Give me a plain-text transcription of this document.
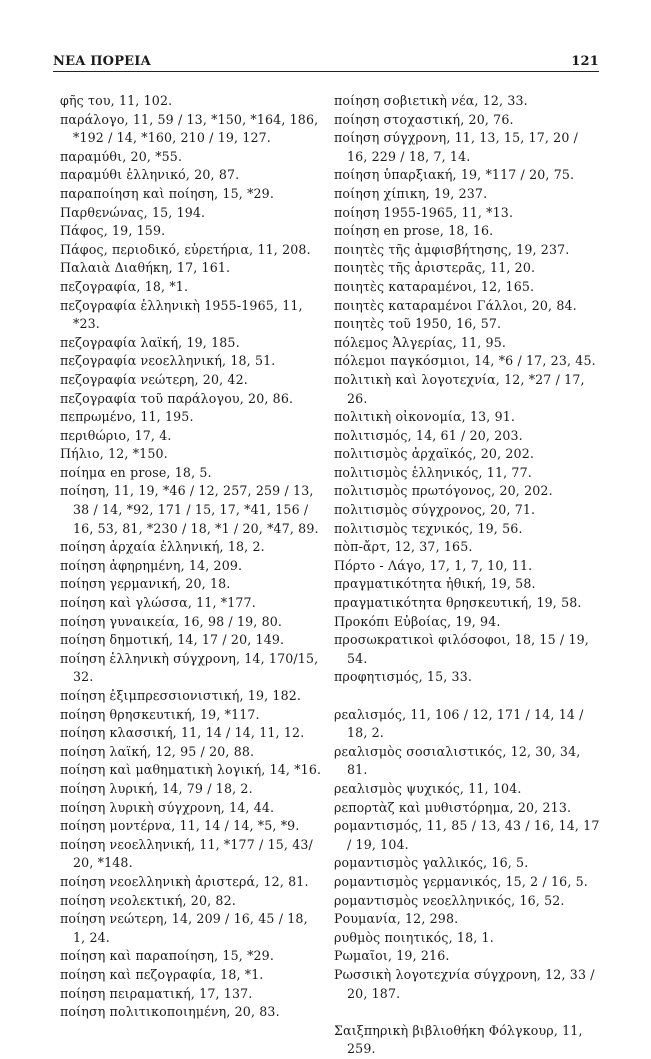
ΝΕΑ ΠΟΡΕΙΑ	121
φῆς του, 11, 102.
παράλογο, 11, 59 / 13, *150, *164, 186, *192 / 14, *160, 210 / 19, 127.
παραμύθι, 20, *55.
παραμύθι ἑλληνικό, 20, 87.
παραποίηση καὶ ποίηση, 15, *29.
Παρθενώνας, 15, 194.
Πάφος, 19, 159.
Πάφος, περιοδικό, εὑρετήρια, 11, 208.
Παλαιὰ Διαθήκη, 17, 161.
πεζογραφία, 18, *1.
πεζογραφία ἑλληνικὴ 1955-1965, 11, *23.
πεζογραφία λαϊκή, 19, 185.
πεζογραφία νεοελληνική, 18, 51.
πεζογραφία νεώτερη, 20, 42.
πεζογραφία τοῦ παράλογου, 20, 86.
πεπρωμένο, 11, 195.
περιθώριο, 17, 4.
Πήλιο, 12, *150.
ποίημα en prose, 18, 5.
ποίηση, 11, 19, *46 / 12, 257, 259 / 13, 38 / 14, *92, 171 / 15, 17, *41, 156 / 16, 53, 81, *230 / 18, *1 / 20, *47, 89.
ποίηση ἀρχαία ἑλληνική, 18, 2.
ποίηση ἀφηρημένη, 14, 209.
ποίηση γερμανική, 20, 18.
ποίηση καὶ γλώσσα, 11, *177.
ποίηση γυναικεία, 16, 98 / 19, 80.
ποίηση δημοτική, 14, 17 / 20, 149.
ποίηση ἑλληνικὴ σύγχρονη, 14, 170/15, 32.
ποίηση ἐξιμπρεσσιονιστική, 19, 182.
ποίηση θρησκευτική, 19, *117.
ποίηση κλασσική, 11, 14 / 14, 11, 12.
ποίηση λαϊκή, 12, 95 / 20, 88.
ποίηση καὶ μαθηματικὴ λογική, 14, *16.
ποίηση λυρική, 14, 79 / 18, 2.
ποίηση λυρικὴ σύγχρονη, 14, 44.
ποίηση μοντέρνα, 11, 14 / 14, *5, *9.
ποίηση νεοελληνική, 11, *177 / 15, 43/ 20, *148.
ποίηση νεοελληνικὴ ἀριστερά, 12, 81.
ποίηση νεολεκτική, 20, 82.
ποίηση νεώτερη, 14, 209 / 16, 45 / 18, 1, 24.
ποίηση καὶ παραποίηση, 15, *29.
ποίηση καὶ πεζογραφία, 18, *1.
ποίηση πειραματική, 17, 137.
ποίηση πολιτικοποιημένη, 20, 83.
ποίηση σοβιετικὴ νέα, 12, 33.
ποίηση στοχαστική, 20, 76.
ποίηση σύγχρονη, 11, 13, 15, 17, 20 / 16, 229 / 18, 7, 14.
ποίηση ὑπαρξιακή, 19, *117 / 20, 75.
ποίηση χίπικη, 19, 237.
ποίηση 1955-1965, 11, *13.
ποίηση en prose, 18, 16.
ποιητὲς τῆς ἀμφισβήτησης, 19, 237.
ποιητὲς τῆς ἀριστερᾶς, 11, 20.
ποιητὲς καταραμένοι, 12, 165.
ποιητὲς καταραμένοι Γάλλοι, 20, 84.
ποιητὲς τοῦ 1950, 16, 57.
πόλεμος Ἀλγερίας, 11, 95.
πόλεμοι παγκόσμιοι, 14, *6 / 17, 23, 45.
πολιτικὴ καὶ λογοτεχνία, 12, *27 / 17, 26.
πολιτικὴ οἰκονομία, 13, 91.
πολιτισμός, 14, 61 / 20, 203.
πολιτισμὸς ἀρχαϊκός, 20, 202.
πολιτισμὸς ἑλληνικός, 11, 77.
πολιτισμὸς πρωτόγονος, 20, 202.
πολιτισμὸς σύγχρονος, 20, 71.
πολιτισμὸς τεχνικός, 19, 56.
πὸπ-ἄρτ, 12, 37, 165.
Πόρτο - Λάγο, 17, 1, 7, 10, 11.
πραγματικότητα ἠθική, 19, 58.
πραγματικότητα θρησκευτική, 19, 58.
Προκόπι Εὐβοίας, 19, 94.
προσωκρατικοὶ φιλόσοφοι, 18, 15 / 19, 54.
προφητισμός, 15, 33.
ρεαλισμός, 11, 106 / 12, 171 / 14, 14 / 18, 2.
ρεαλισμὸς σοσιαλιστικός, 12, 30, 34, 81.
ρεαλισμὸς ψυχικός, 11, 104.
ρεπορτὰζ καὶ μυθιστόρημα, 20, 213.
ρομαντισμός, 11, 85 / 13, 43 / 16, 14, 17 / 19, 104.
ρομαντισμὸς γαλλικός, 16, 5.
ρομαντισμὸς γερμανικός, 15, 2 / 16, 5.
ρομαντισμὸς νεοελληνικός, 16, 52.
Ρουμανία, 12, 298.
ρυθμὸς ποιητικός, 18, 1.
Ρωμαῖοι, 19, 216.
Ρωσσικὴ λογοτεχνία σύγχρονη, 12, 33 / 20, 187.
Σαιξπηρικὴ βιβλιοθήκη Φόλγκουρ, 11, 259.
